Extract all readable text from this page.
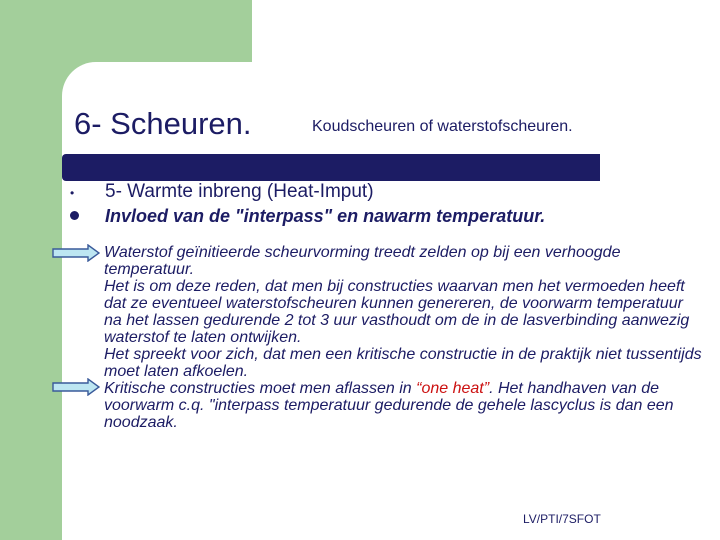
6- Scheuren.	Koudscheuren of waterstofscheuren.
• 5- Warmte inbreng (Heat-Imput)
Invloed van de "interpass" en nawarm temperatuur.

Waterstof geïnitieerde scheurvorming treedt zelden op bij een verhoogde temperatuur.

Het is om deze reden, dat men bij constructies waarvan men het vermoeden heeft dat ze eventueel waterstofscheuren kunnen genereren, de voorwarm temperatuur na het lassen gedurende 2 tot 3 uur vasthoudt om de in de lasverbinding aanwezig waterstof te laten ontwijken.

Het spreekt voor zich, dat men een kritische constructie in de praktijk niet tussentijds moet laten afkoelen.

Kritische constructies moet men aflassen in “one heat”. Het handhaven van de voorwarm c.q. "interpass temperatuur gedurende de gehele lascyclus is dan een noodzaak.

LV/PTI/7SFOT
